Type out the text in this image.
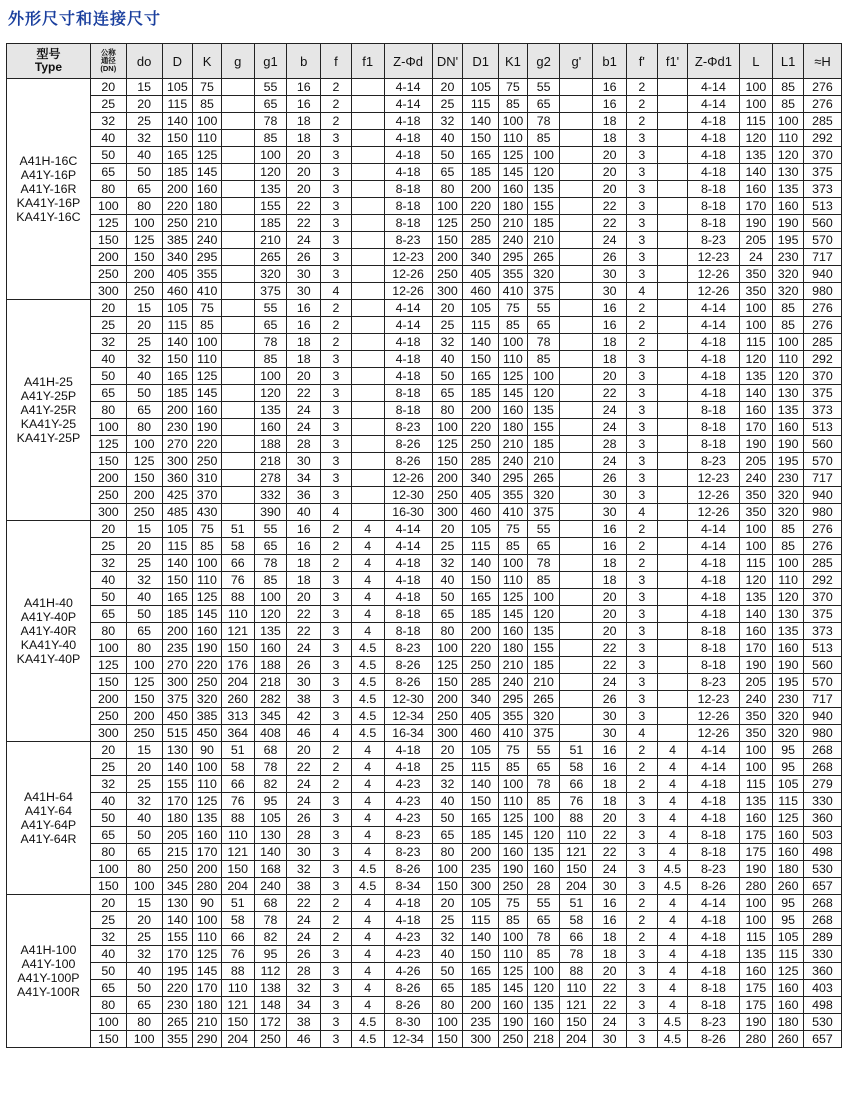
外形尺寸和连接尺寸
型号
Type	公称
通径
(DN)	do	D	K	g	g1	b	f	f1	Z-Φd	DN'	D1	K1	g2	g'	b1	f'	f1'	Z-Φd1	L	L1	≈H

A41H-16C
A41Y-16P
A41Y-16R
KA41Y-16P
KA41Y-16C	20	15	105	75		55	16	2		4-14	20	105	75	55		16	2		4-14	100	85	276
	25	20	115	85		65	16	2		4-14	25	115	85	65		16	2		4-14	100	85	276
	32	25	140	100		78	18	2		4-18	32	140	100	78		18	2		4-18	115	100	285
	40	32	150	110		85	18	3		4-18	40	150	110	85		18	3		4-18	120	110	292
	50	40	165	125		100	20	3		4-18	50	165	125	100		20	3		4-18	135	120	370
	65	50	185	145		120	20	3		4-18	65	185	145	120		20	3		4-18	140	130	375
	80	65	200	160		135	20	3		8-18	80	200	160	135		20	3		8-18	160	135	373
	100	80	220	180		155	22	3		8-18	100	220	180	155		22	3		8-18	170	160	513
	125	100	250	210		185	22	3		8-18	125	250	210	185		22	3		8-18	190	190	560
	150	125	385	240		210	24	3		8-23	150	285	240	210		24	3		8-23	205	195	570
	200	150	340	295		265	26	3		12-23	200	340	295	265		26	3		12-23	24	230	717
	250	200	405	355		320	30	3		12-26	250	405	355	320		30	3		12-26	350	320	940
	300	250	460	410		375	30	4		12-26	300	460	410	375		30	4		12-26	350	320	980

A41H-25
A41Y-25P
A41Y-25R
KA41Y-25
KA41Y-25P	20	15	105	75		55	16	2		4-14	20	105	75	55		16	2		4-14	100	85	276
	25	20	115	85		65	16	2		4-14	25	115	85	65		16	2		4-14	100	85	276
	32	25	140	100		78	18	2		4-18	32	140	100	78		18	2		4-18	115	100	285
	40	32	150	110		85	18	3		4-18	40	150	110	85		18	3		4-18	120	110	292
	50	40	165	125		100	20	3		4-18	50	165	125	100		20	3		4-18	135	120	370
	65	50	185	145		120	22	3		8-18	65	185	145	120		22	3		4-18	140	130	375
	80	65	200	160		135	24	3		8-18	80	200	160	135		24	3		8-18	160	135	373
	100	80	230	190		160	24	3		8-23	100	220	180	155		24	3		8-18	170	160	513
	125	100	270	220		188	28	3		8-26	125	250	210	185		28	3		8-18	190	190	560
	150	125	300	250		218	30	3		8-26	150	285	240	210		24	3		8-23	205	195	570
	200	150	360	310		278	34	3		12-26	200	340	295	265		26	3		12-23	240	230	717
	250	200	425	370		332	36	3		12-30	250	405	355	320		30	3		12-26	350	320	940
	300	250	485	430		390	40	4		16-30	300	460	410	375		30	4		12-26	350	320	980

A41H-40
A41Y-40P
A41Y-40R
KA41Y-40
KA41Y-40P	20	15	105	75	51	55	16	2	4	4-14	20	105	75	55		16	2		4-14	100	85	276
	25	20	115	85	58	65	16	2	4	4-14	25	115	85	65		16	2		4-14	100	85	276
	32	25	140	100	66	78	18	2	4	4-18	32	140	100	78		18	2		4-18	115	100	285
	40	32	150	110	76	85	18	3	4	4-18	40	150	110	85		18	3		4-18	120	110	292
	50	40	165	125	88	100	20	3	4	4-18	50	165	125	100		20	3		4-18	135	120	370
	65	50	185	145	110	120	22	3	4	8-18	65	185	145	120		20	3		4-18	140	130	375
	80	65	200	160	121	135	22	3	4	8-18	80	200	160	135		20	3		8-18	160	135	373
	100	80	235	190	150	160	24	3	4.5	8-23	100	220	180	155		22	3		8-18	170	160	513
	125	100	270	220	176	188	26	3	4.5	8-26	125	250	210	185		22	3		8-18	190	190	560
	150	125	300	250	204	218	30	3	4.5	8-26	150	285	240	210		24	3		8-23	205	195	570
	200	150	375	320	260	282	38	3	4.5	12-30	200	340	295	265		26	3		12-23	240	230	717
	250	200	450	385	313	345	42	3	4.5	12-34	250	405	355	320		30	3		12-26	350	320	940
	300	250	515	450	364	408	46	4	4.5	16-34	300	460	410	375		30	4		12-26	350	320	980

A41H-64
A41Y-64
A41Y-64P
A41Y-64R	20	15	130	90	51	68	20	2	4	4-18	20	105	75	55	51	16	2	4	4-14	100	95	268
	25	20	140	100	58	78	22	2	4	4-18	25	115	85	65	58	16	2	4	4-14	100	95	268
	32	25	155	110	66	82	24	2	4	4-23	32	140	100	78	66	18	2	4	4-18	115	105	279
	40	32	170	125	76	95	24	3	4	4-23	40	150	110	85	76	18	3	4	4-18	135	115	330
	50	40	180	135	88	105	26	3	4	4-23	50	165	125	100	88	20	3	4	4-18	160	125	360
	65	50	205	160	110	130	28	3	4	8-23	65	185	145	120	110	22	3	4	8-18	175	160	503
	80	65	215	170	121	140	30	3	4	8-23	80	200	160	135	121	22	3	4	8-18	175	160	498
	100	80	250	200	150	168	32	3	4.5	8-26	100	235	190	160	150	24	3	4.5	8-23	190	180	530
	150	100	345	280	204	240	38	3	4.5	8-34	150	300	250	28	204	30	3	4.5	8-26	280	260	657

A41H-100
A41Y-100
A41Y-100P
A41Y-100R	20	15	130	90	51	68	22	2	4	4-18	20	105	75	55	51	16	2	4	4-14	100	95	268
	25	20	140	100	58	78	24	2	4	4-18	25	115	85	65	58	16	2	4	4-18	100	95	268
	32	25	155	110	66	82	24	2	4	4-23	32	140	100	78	66	18	2	4	4-18	115	105	289
	40	32	170	125	76	95	26	3	4	4-23	40	150	110	85	78	18	3	4	4-18	135	115	330
	50	40	195	145	88	112	28	3	4	4-26	50	165	125	100	88	20	3	4	4-18	160	125	360
	65	50	220	170	110	138	32	3	4	8-26	65	185	145	120	110	22	3	4	8-18	175	160	403
	80	65	230	180	121	148	34	3	4	8-26	80	200	160	135	121	22	3	4	8-18	175	160	498
	100	80	265	210	150	172	38	3	4.5	8-30	100	235	190	160	150	24	3	4.5	8-23	190	180	530
	150	100	355	290	204	250	46	3	4.5	12-34	150	300	250	218	204	30	3	4.5	8-26	280	260	657
